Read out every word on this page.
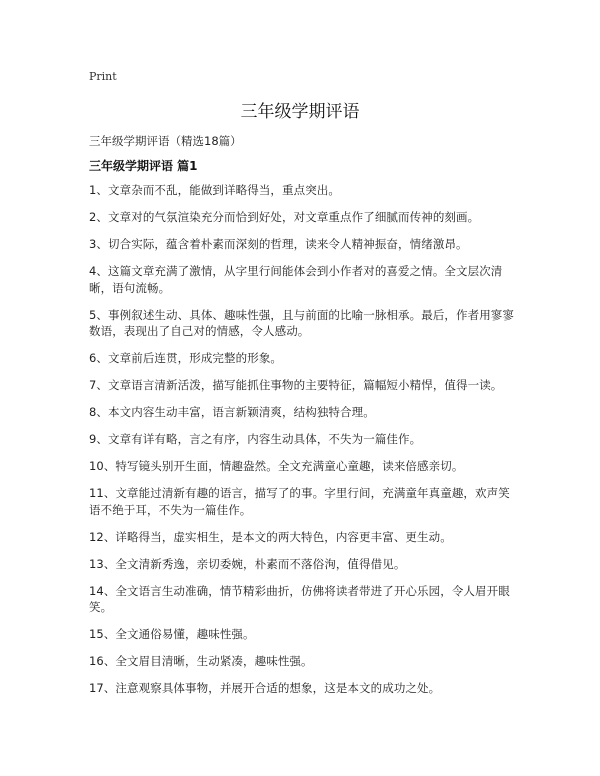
Print
三年级学期评语
三年级学期评语（精选18篇）
三年级学期评语 篇1
1、文章杂而不乱，能做到详略得当，重点突出。
2、文章对的气氛渲染充分而恰到好处，对文章重点作了细腻而传神的刻画。
3、切合实际，蕴含着朴素而深刻的哲理，读来令人精神振奋，情绪激昂。
4、这篇文章充满了激情，从字里行间能体会到小作者对的喜爱之情。全文层次清晰，语句流畅。
5、事例叙述生动、具体、趣味性强，且与前面的比喻一脉相承。最后，作者用寥寥数语，表现出了自己对的情感，令人感动。
6、文章前后连贯，形成完整的形象。
7、文章语言清新活泼，描写能抓住事物的主要特征，篇幅短小精悍，值得一读。
8、本文内容生动丰富，语言新颖清爽，结构独特合理。
9、文章有详有略，言之有序，内容生动具体，不失为一篇佳作。
10、特写镜头别开生面，情趣盎然。全文充满童心童趣，读来倍感亲切。
11、文章能过清新有趣的语言，描写了的事。字里行间，充满童年真童趣，欢声笑语不绝于耳，不失为一篇佳作。
12、详略得当，虚实相生，是本文的两大特色，内容更丰富、更生动。
13、全文清新秀逸，亲切委婉，朴素而不落俗洵，值得借见。
14、全文语言生动准确，情节精彩曲折，仿佛将读者带进了开心乐园，令人眉开眼笑。
15、全文通俗易懂，趣味性强。
16、全文眉目清晰，生动紧凑，趣味性强。
17、注意观察具体事物，并展开合适的想象，这是本文的成功之处。
